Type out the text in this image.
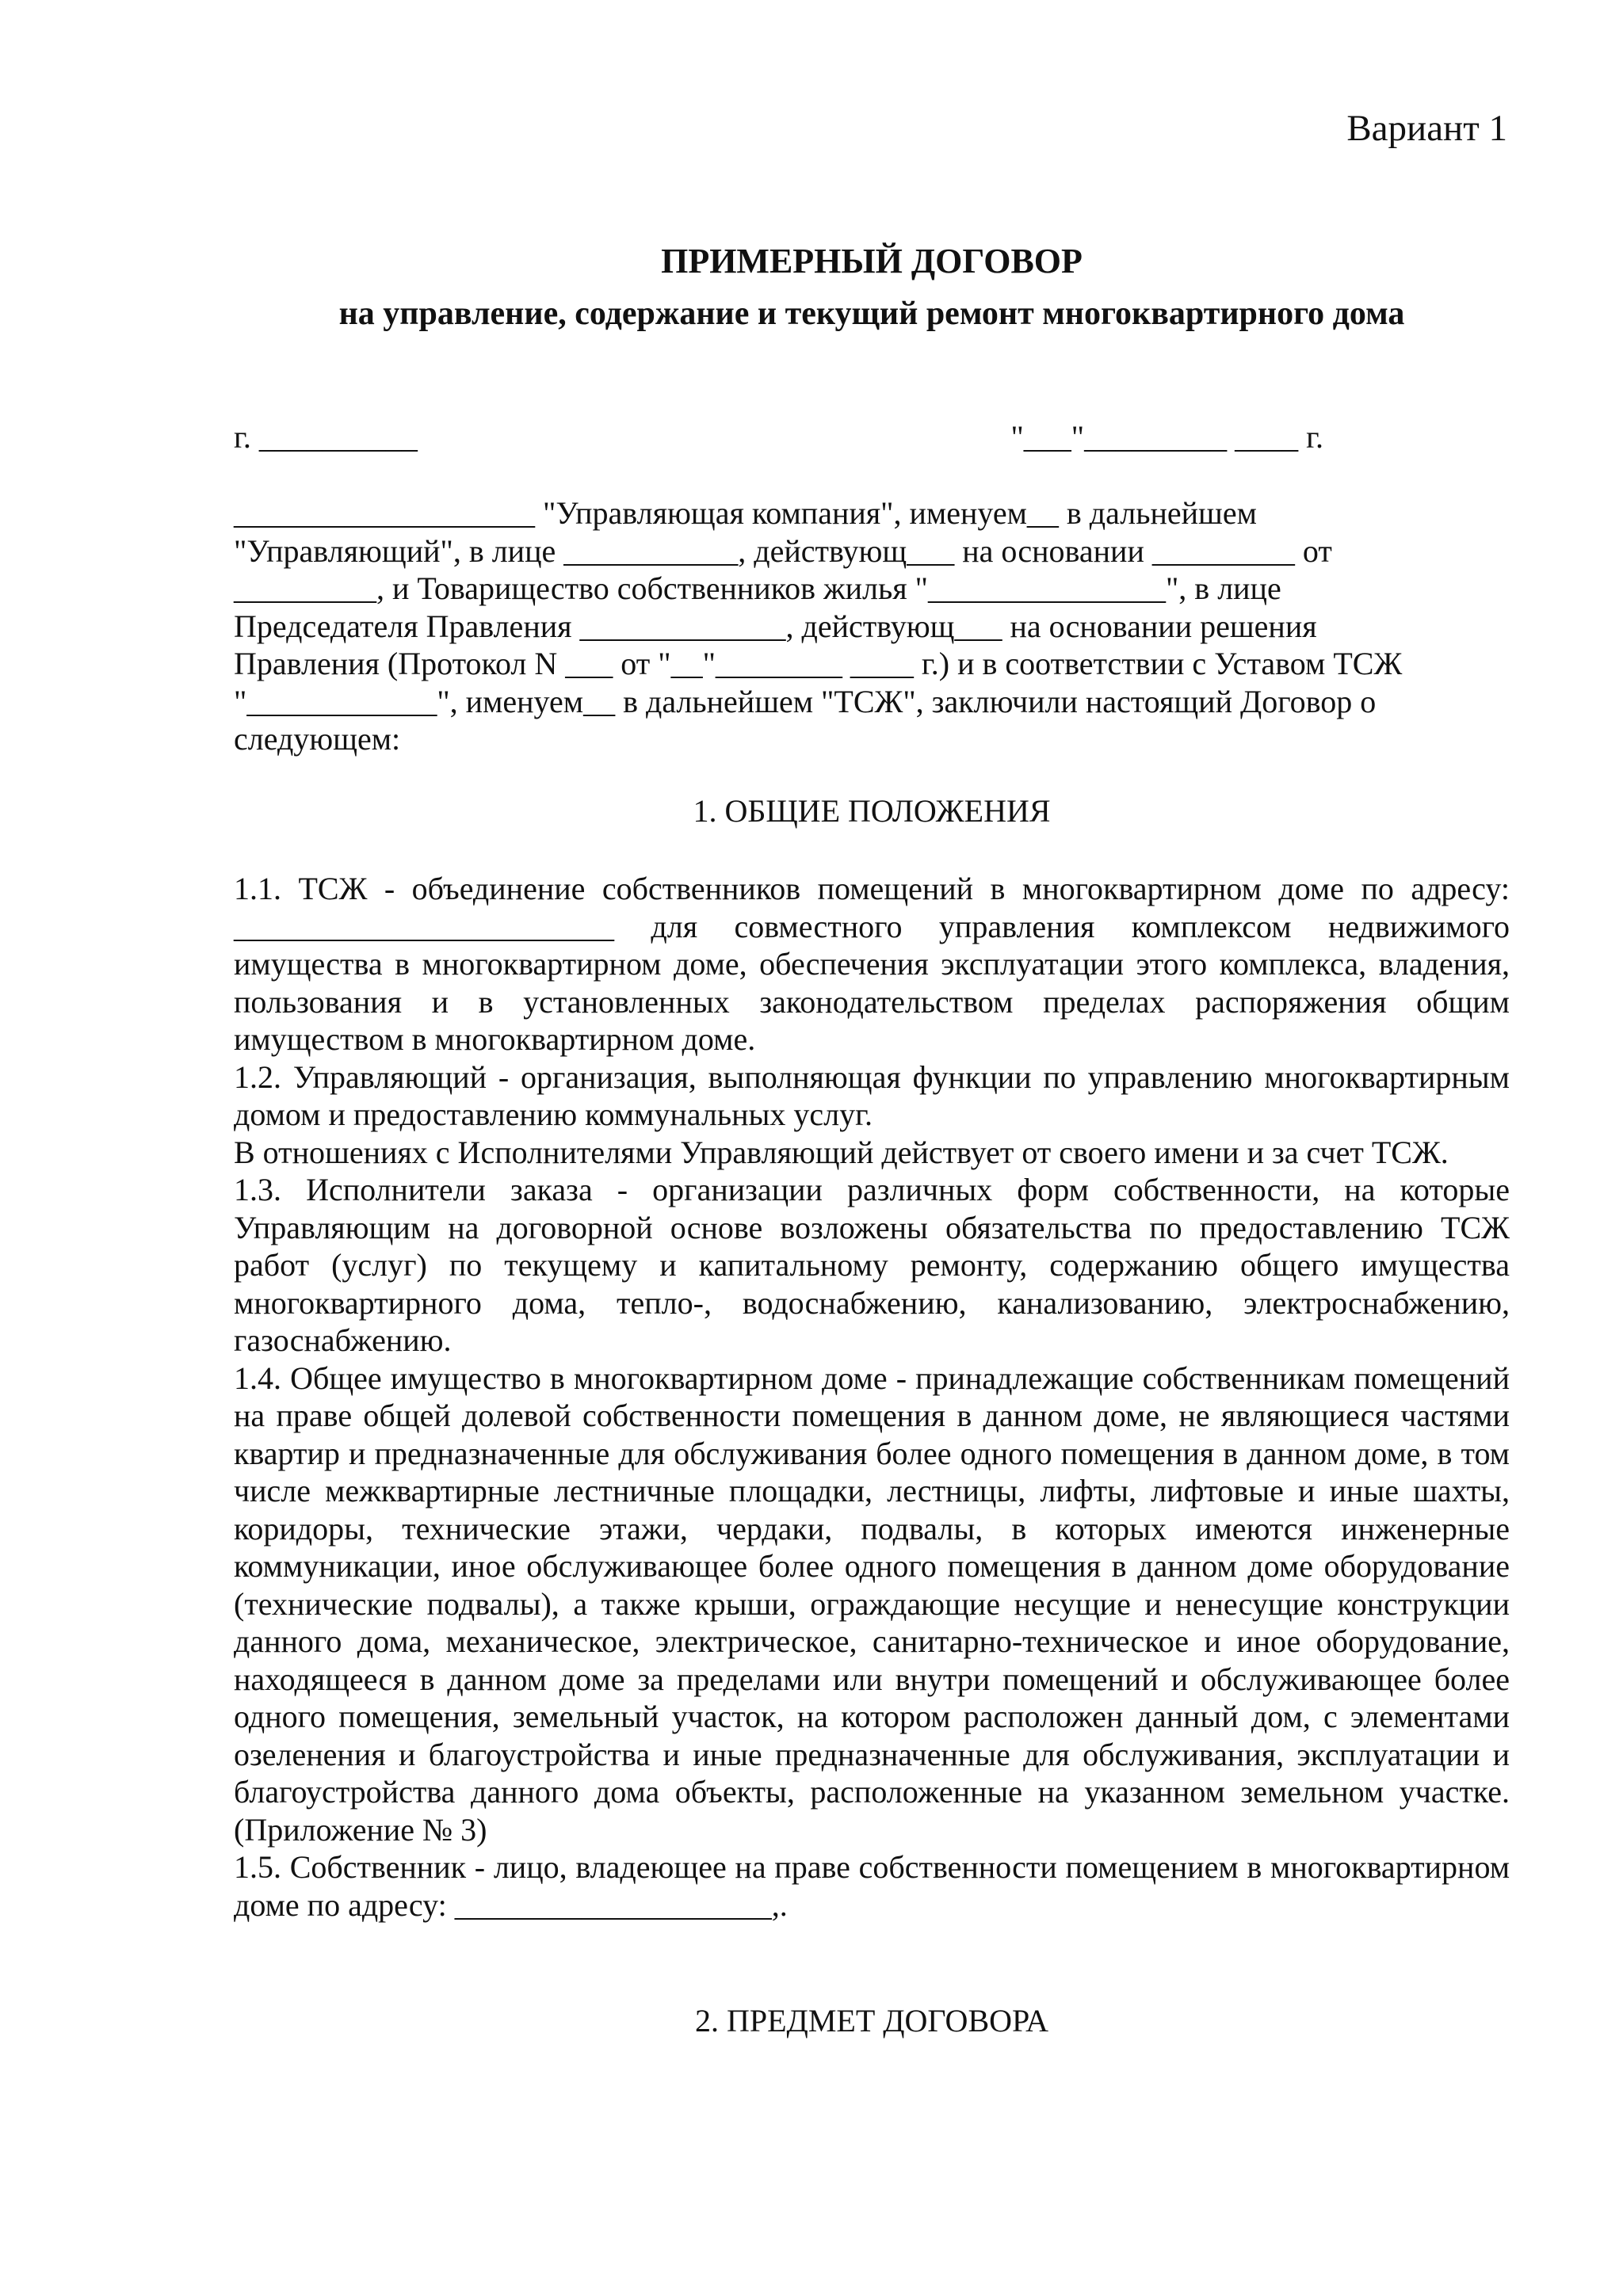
Вариант 1
ПРИМЕРНЫЙ ДОГОВОР
на управление, содержание и текущий ремонт многоквартирного дома
г. __________	"___"_________ ____ г.

___________________ "Управляющая компания", именуем__ в дальнейшем

"Управляющий", в лице ___________, действующ___ на основании _________ от

_________, и Товарищество собственников жилья "_______________", в лице

Председателя Правления _____________, действующ___ на основании решения

Правления (Протокол N ___ от "__"________ ____ г.) и в соответствии с Уставом ТСЖ

"____________", именуем__ в дальнейшем "ТСЖ", заключили настоящий Договор о

следующем:

1. ОБЩИЕ ПОЛОЖЕНИЯ

1.1. ТСЖ - объединение собственников помещений в многоквартирном доме по адресу: ________________________ для совместного управления комплексом недвижимого имущества в многоквартирном доме, обеспечения эксплуатации этого комплекса, владения, пользования и в установленных законодательством пределах распоряжения общим имуществом в многоквартирном доме.

1.2. Управляющий - организация, выполняющая функции по управлению многоквартирным домом и предоставлению коммунальных услуг.

В отношениях с Исполнителями Управляющий действует от своего имени и за счет ТСЖ.

1.3. Исполнители заказа - организации различных форм собственности, на которые Управляющим на договорной основе возложены обязательства по предоставлению ТСЖ работ (услуг) по текущему и капитальному ремонту, содержанию общего имущества многоквартирного дома, тепло-, водоснабжению, канализованию, электроснабжению, газоснабжению.

1.4. Общее имущество в многоквартирном доме - принадлежащие собственникам помещений на праве общей долевой собственности помещения в данном доме, не являющиеся частями квартир и предназначенные для обслуживания более одного помещения в данном доме, в том числе межквартирные лестничные площадки, лестницы, лифты, лифтовые и иные шахты, коридоры, технические этажи, чердаки, подвалы, в которых имеются инженерные коммуникации, иное обслуживающее более одного помещения в данном доме оборудование (технические подвалы), а также крыши, ограждающие несущие и ненесущие конструкции данного дома, механическое, электрическое, санитарно-техническое и иное оборудование, находящееся в данном доме за пределами или внутри помещений и обслуживающее более одного помещения, земельный участок, на котором расположен данный дом, с элементами озеленения и благоустройства и иные предназначенные для обслуживания, эксплуатации и благоустройства данного дома объекты, расположенные на указанном земельном участке. (Приложение № 3)

1.5. Собственник - лицо, владеющее на праве собственности помещением в многоквартирном доме по адресу: ____________________,.

2. ПРЕДМЕТ ДОГОВОРА
